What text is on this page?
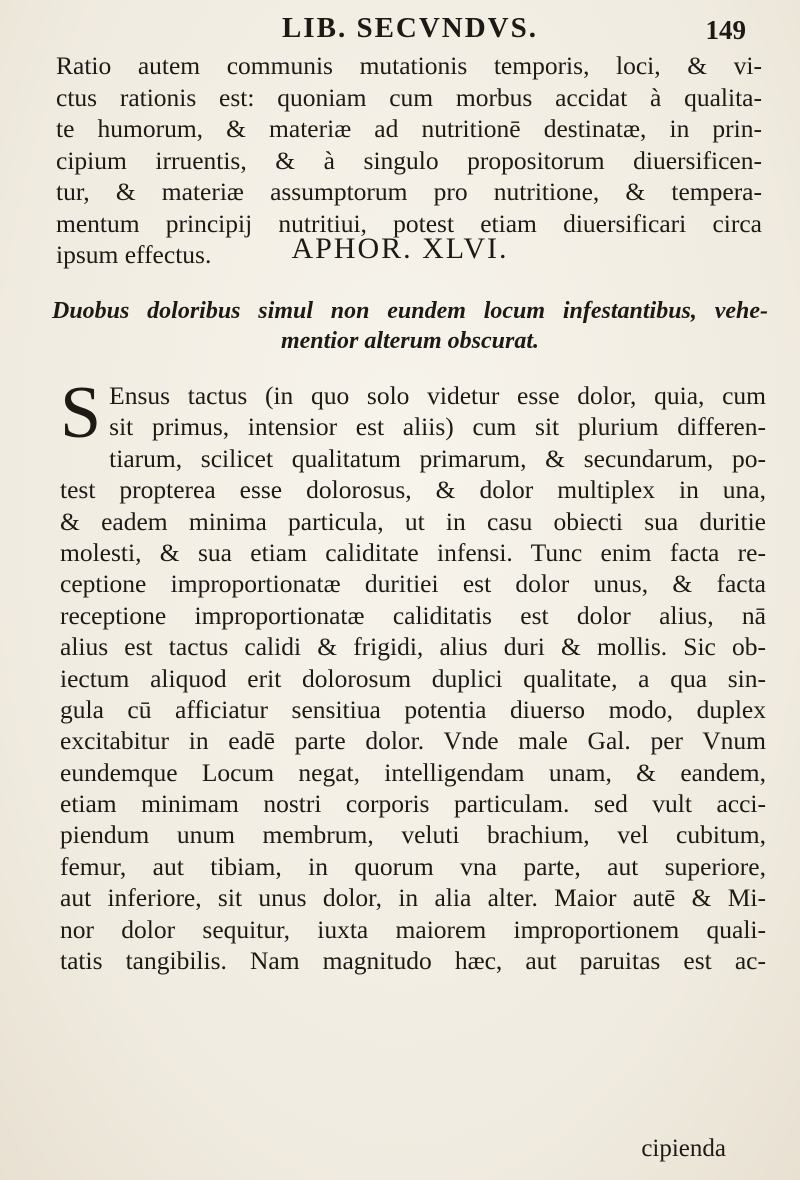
LIB. SECVNDVS.	149
Ratio autem communis mutationis temporis, loci, & vi-
ctus rationis est: quoniam cum morbus accidat à qualita-
te humorum, & materiæ ad nutritionē destinatæ, in prin-
cipium irruentis, & à singulo propositorum diuersificen-
tur, & materiæ assumptorum pro nutritione, & tempera-
mentum principij nutritiui, potest etiam diuersificari circa
ipsum effectus.	APHOR. XLVI.
Duobus doloribus simul non eundem locum infestantibus, vehe-
mentior alterum obscurat.
S Ensus tactus (in quo solo videtur esse dolor, quia, cum
sit primus, intensior est aliis) cum sit plurium differen-
tiarum, scilicet qualitatum primarum, & secundarum, po-
test propterea esse dolorosus, & dolor multiplex in una,
& eadem minima particula, ut in casu obiecti sua duritie
molesti, & sua etiam caliditate infensi. Tunc enim facta re-
ceptione improportionatæ duritiei est dolor unus, & facta
receptione improportionatæ caliditatis est dolor alius, nā
alius est tactus calidi & frigidi, alius duri & mollis. Sic ob-
iectum aliquod erit dolorosum duplici qualitate, a qua sin-
gula cū afficiatur sensitiua potentia diuerso modo, duplex
excitabitur in eadē parte dolor. Vnde male Gal. per Vnum
eundemque Locum negat, intelligendam unam, & eandem,
etiam minimam nostri corporis particulam. sed vult acci-
piendum unum membrum, veluti brachium, vel cubitum,
femur, aut tibiam, in quorum vna parte, aut superiore,
aut inferiore, sit unus dolor, in alia alter. Maior autē & Mi-
nor dolor sequitur, iuxta maiorem improportionem quali-
tatis tangibilis. Nam magnitudo hæc, aut paruitas est ac-
cipienda
